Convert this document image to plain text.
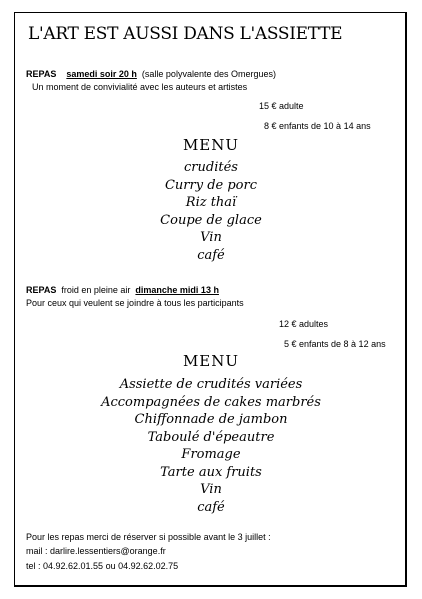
L'ART EST AUSSI DANS L'ASSIETTE
REPAS samedi soir 20 h (salle polyvalente des Omergues)
Un moment de convivialité avec les auteurs et artistes
15 € adulte
8 € enfants de 10 à 14 ans
MENU
crudités
Curry de porc
Riz thaï
Coupe de glace
Vin
café
REPAS froid en pleine air dimanche midi 13 h
Pour ceux qui veulent se joindre à tous les participants
12 € adultes
5 € enfants de 8 à 12 ans
MENU
Assiette de crudités variées
Accompagnées de cakes marbrés
Chiffonnade de jambon
Taboulé d'épeautre
Fromage
Tarte aux fruits
Vin
café
Pour les repas merci de réserver si possible avant le 3 juillet :
mail : darlire.lessentiers@orange.fr
tel : 04.92.62.01.55 ou 04.92.62.02.75
